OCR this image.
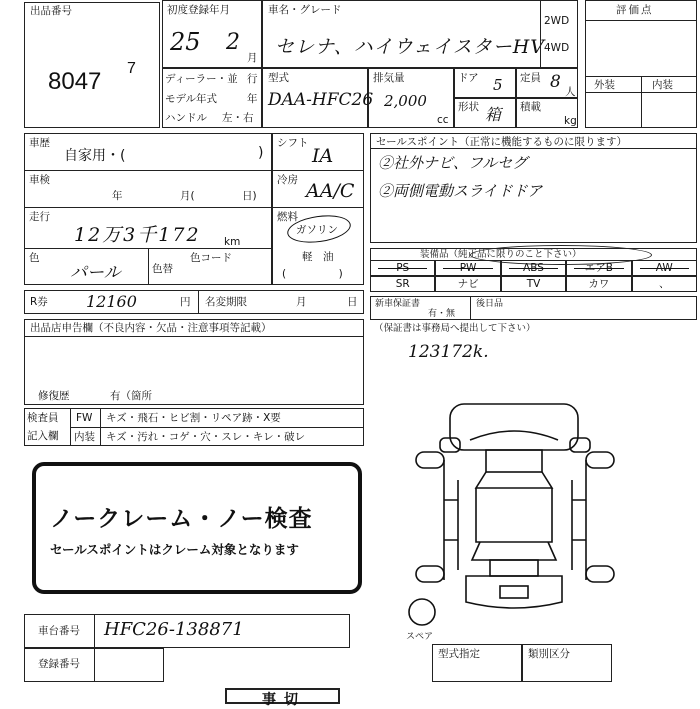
出品番号
8047 7
初度登録年月
25 2
月
車名・グレード
セレナ、ハイウェイスターHV
2WD
4WD
評価点
外装	内装
ディーラー・並 行
モデル年式	年
ハンドル 左・右
型式
DAA-HFC26
排気量
2,000
cc
ドア 5 定員 8 人
形状 箱 積載
kg
車歴
自家用・(	)
車検
年	月(	日)
走行
12万3千172 km
色
パール	色替
色コード
シフト
IA
冷房 AA/C
燃料
ガソリン
軽　油
(　　　　　)
R券 12160	円 名変期限	月	日
セールスポイント（正常に機能するものに限ります）
②社外ナビ、フルセグ
②両側電動スライドドア
装備品（純正品に限りのこと下さい）
PS	PW	ABS	エアB	AW
SR	ナビ	TV	カワ	、
新車保証書
有・無
後日品
（保証書は事務局へ提出して下さい）
123172k.
出品店申告欄（不良内容・欠品・注意事項等記載）
修復歴	有（箇所
検査員
記入欄
FW キズ・飛石・ヒビ割・リペア跡・X要
内装 キズ・汚れ・コゲ・穴・スレ・キレ・破レ
ノークレーム・ノー検査
セールスポイントはクレーム対象となります
スペア
車台番号 HFC26-138871
登録番号
型式指定	類別区分
事切
